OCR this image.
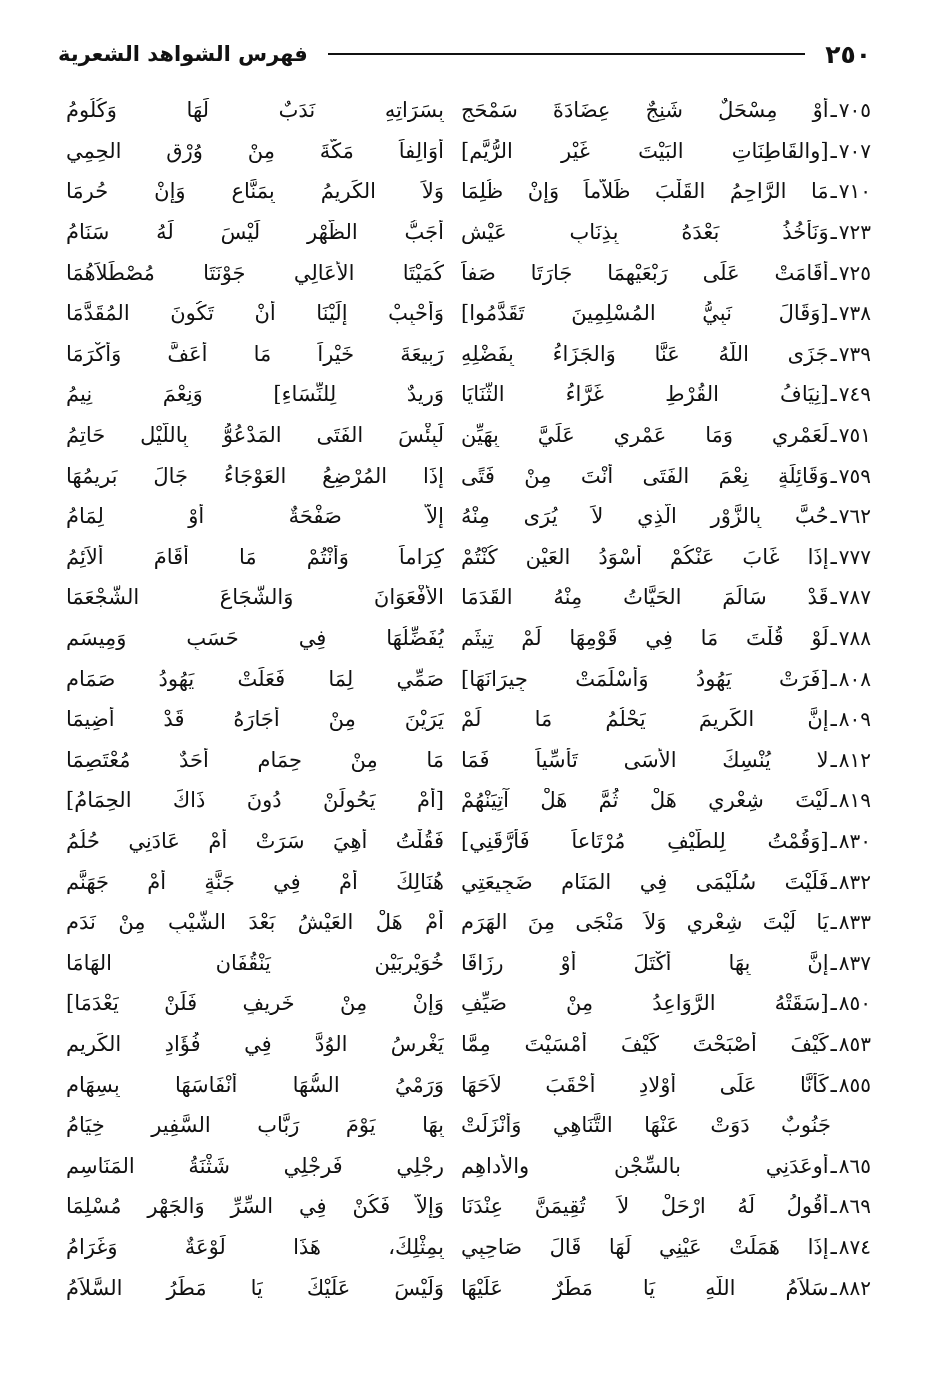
٢٥٠
فهرس الشواهد الشعرية
٧٠٥
ـ
أوْ مِسْحَلٌ شَنِجٌ عِضَادَةَ سَمْحَجِ
٧٠٧
ـ
[والقَاطِنَاتِ البَيْتَ غَيْرِ الرُّيَّمِ]
٧١٠
ـ
مَا الرَّاحِمُ القَلْبَ ظَلاَّماً وَإنْ ظُلِمَا
٧٢٣
ـ
وَنَأْخُذُ بَعْدَهُ بِذِنَابِ عَيْشٍ
٧٢٥
ـ
أقَامَتْ عَلَى رَبْعَيْهِمَا جَارَتَا صَفاً
٧٣٨
ـ
[وَقَالَ نَبِيُّ المُسْلِمِينَ تَقَدَّمُوا]
٧٣٩
ـ
جَزَى اللَّهُ عَنَّا وَالجَزَاءُ بِفَضْلِهِ
٧٤٩
ـ
[نِيَافُ القُرْطِ غَرَّاءُ الثَّنَايَا
٧٥١
ـ
لَعَمْرِي وَمَا عَمْرِي عَلَيَّ بِهَيِّنٍ
٧٥٩
ـ
وَقَائِلَةٍ نِعْمَ الفَتَى أنْتَ مِنْ فَتًى
٧٦٢
ـ
حُبَّ بِالزَّوْرِ الَّذِي لاَ يُرَى مِنْهُ
٧٧٧
ـ
إذَا غَابَ عَنْكُمْ أسْوَدُ العَيْنِ كُنْتُمْ
٧٨٧
ـ
قَدْ سَالَمَ الحَيَّاتُ مِنْهُ القَدَمَا
٧٨٨
ـ
لَوْ قُلْتَ مَا فِي قَوْمِهَا لَمْ تِيثَمِ
٨٠٨
ـ
[فَرَتْ يَهُودُ وَأسْلَمَتْ جِيرَانَهَا]
٨٠٩
ـ
إنَّ الكَرِيمَ يَحْلُمُ مَا لَمْ
٨١٢
ـ
لا يُنْسِكَ الأسَى تَأَسِّياً فَمَا
٨١٩
ـ
لَيْتَ شِعْرِي هَلْ ثُمَّ هَلْ آتِيَنْهُمْ
٨٣٠
ـ
[وَقُمْتُ لِلطَّيْفِ مُرْتَاعاً فَأَرَّقَنِي]
٨٣٢
ـ
فَلَيْتَ سُلَيْمَى فِي المَنَامِ ضَجِيعَتِي
٨٣٣
ـ
يَا لَيْتَ شِعْرِي وَلاَ مَنْجَى مِنَ الهَرَمِ
٨٣٧
ـ
إنَّ بِهَا أكْتَلَ أوْ رِزَاقَا
٨٥٠
ـ
[سَقَتْهُ الرَّوَاعِدُ مِنْ صَيِّفِ
٨٥٣
ـ
كَيْفَ أصْبَحْتَ كَيْفَ أمْسَيْتَ مِمَّا
٨٥٥
ـ
كَأنَّا عَلَى أوْلادِ أحْقَبَ لاَحَهَا
جَنُوبٌ دَوَتْ عَنْهَا التَّنَاهِي وَأنْزَلَتْ
٨٦٥
ـ
أوعَدَنِي بالسِّجْنِ والأداهِمِ
٨٦٩
ـ
أقُولُ لَهُ ارْحَلْ لاَ تُقِيمَنَّ عِنْدَنَا
٨٧٤
ـ
إذَا هَمَلَتْ عَيْنِي لَهَا قَالَ صَاحِبِي
٨٨٢
ـ
سَلاَمُ اللَّهِ يَا مَطَرٌ عَلَيْهَا
بِسَرَاتِهِ نَدَبٌ لَهَا وَكُلُومُ
أوَالِفاً مَكَّةَ مِنْ وُرْقِ الحِمِي
وَلاَ الكَرِيمُ بِمَنَّاعٍ وَإنْ حُرِمَا
أجَبُّ الظَّهْرِ لَيْسَ لَهُ سَنَامُ
كُمَيْتَا الأعَالِي جَوْنَتَا مُصْطَلاَهُمَا
وَأحْبِبْ إلَيْنَا أنْ تَكُونَ المُقَدَّمَا
رَبِيعَةَ خَيْراً مَا أعَفَّ وَأكْرَمَا
وَرِيدٌ لِلنِّسَاءِ] وَنِعْمَ نِيمُ
لَبِئْسَ الفَتَى المَدْعُوُّ بِاللَّيْلِ حَاتِمُ
إذَا المُرْضِعُ العَوْجَاءُ جَالَ بَرِيمُهَا
إلاَّ صَفْحَةٌ أوْ لِمَامُ
كِرَاماً وَأنْتُمْ مَا أقَامَ ألاَئِمُ
الأفْعَوَانَ وَالشُّجَاعَ الشَّجْعَمَا
يُفَضِّلُهَا فِي حَسَبٍ وَمِيسَمِ
صَمِّي لِمَا فَعَلَتْ يَهُودُ صَمَامِ
يَرَيْنَ مِنْ أجَارَهُ قَدْ أُضِيمَا
مَا مِنْ حِمَامٍ أحَدٌ مُعْتَصِمَا
[أمْ يَحُولَنْ دُونَ ذَاكَ الحِمَامُ]
فَقُلْتُ أهِيَ سَرَتْ أمْ عَادَنِي حُلُمُ
هُنَالِكَ أمْ فِي جَنَّةٍ أمْ جَهَنَّمِ
أمْ هَلْ العَيْشُ بَعْدَ الشَّيْبِ مِنْ نَدَمِ
خُوَيْرِبَيْنِ يَنْقُفَانِ الهَامَا
وَإنْ مِنْ خَرِيفٍ فَلَنْ يَعْدَمَا]
يَغْرِسُ الوُدَّ فِي فُؤَادِ الكَرِيمِ
وَرَمْيُ السُّهَا أنْفَاسَهَا بِسِهَامِ
بِهَا يَوْمَ رَبَّابِ السَّفِيرِ خِيَامُ
رِجْلِي فَرِجْلِي شَثْنَةُ المَنَاسِمِ
وَإلاَّ فَكُنْ فِي السِّرِّ وَالجَهْرِ مُسْلِمَا
بِمِثْلِكَ، هَذَا لَوْعَةٌ وَغَرَامُ
وَلَيْسَ عَلَيْكَ يَا مَطَرُ السَّلاَمُ
